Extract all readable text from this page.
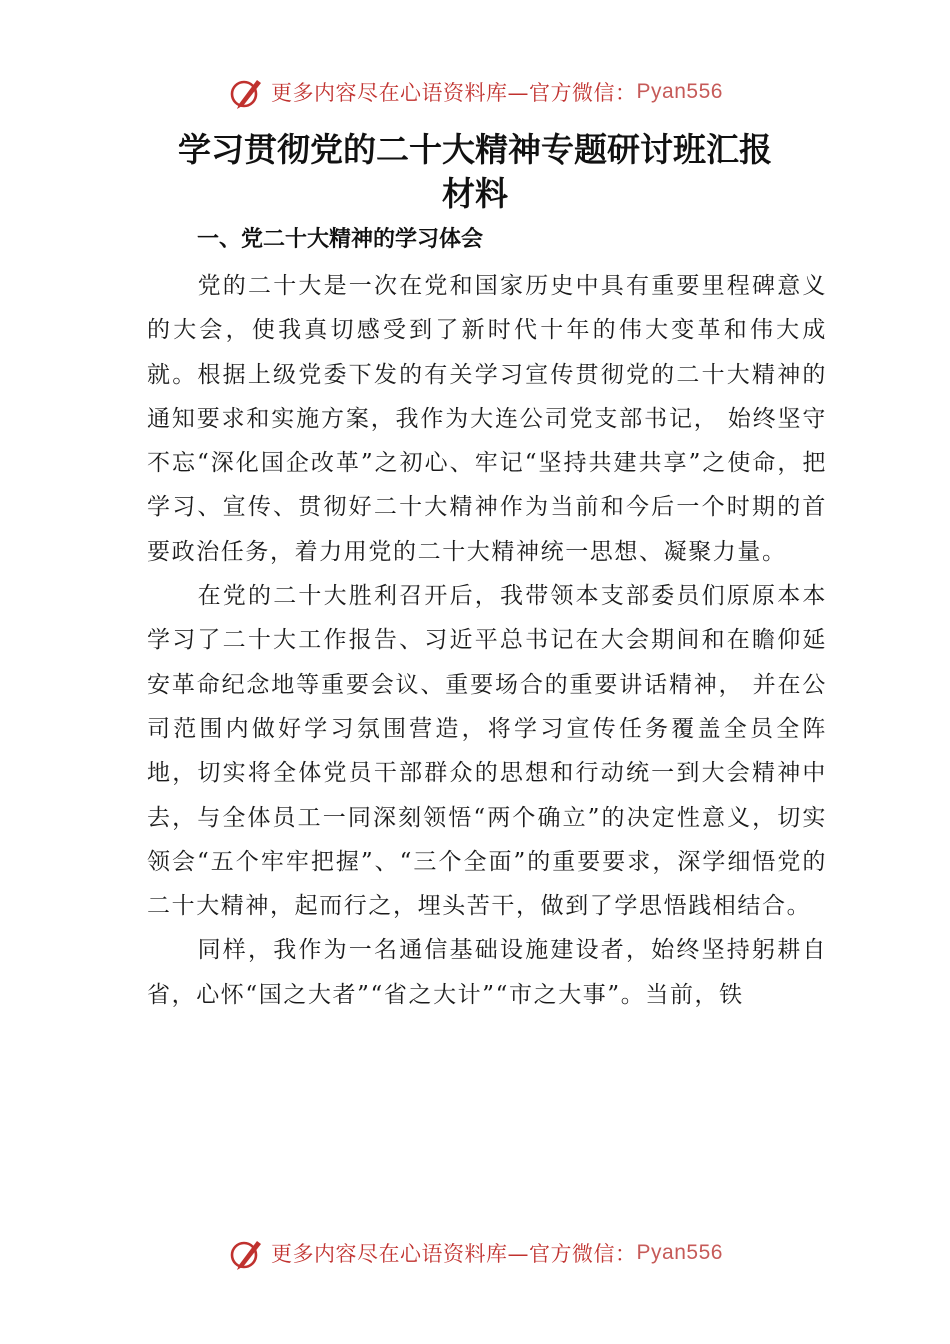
更多内容尽在心语资料库—官方微信： Pyan556
学习贯彻党的二十大精神专题研讨班汇报
材料
一、党二十大精神的学习体会

党的二十大是一次在党和国家历史中具有重要里程碑意义的大会，使我真切感受到了新时代十年的伟大变革和伟大成就。根据上级党委下发的有关学习宣传贯彻党的二十大精神的通知要求和实施方案，我作为大连公司党支部书记， 始终坚守不忘“深化国企改革”之初心、牢记“坚持共建共享”之使命，把学习、宣传、贯彻好二十大精神作为当前和今后一个时期的首要政治任务，着力用党的二十大精神统一思想、凝聚力量。

在党的二十大胜利召开后，我带领本支部委员们原原本本学习了二十大工作报告、习近平总书记在大会期间和在瞻仰延安革命纪念地等重要会议、重要场合的重要讲话精神， 并在公司范围内做好学习氛围营造，将学习宣传任务覆盖全员全阵地，切实将全体党员干部群众的思想和行动统一到大会精神中去，与全体员工一同深刻领悟“两个确立”的决定性意义，切实领会“五个牢牢把握”、“三个全面”的重要要求，深学细悟党的二十大精神，起而行之，埋头苦干，做到了学思悟践相结合。

同样，我作为一名通信基础设施建设者，始终坚持躬耕自省，心怀“国之大者”“省之大计”“市之大事”。当前，铁

更多内容尽在心语资料库—官方微信： Pyan556
